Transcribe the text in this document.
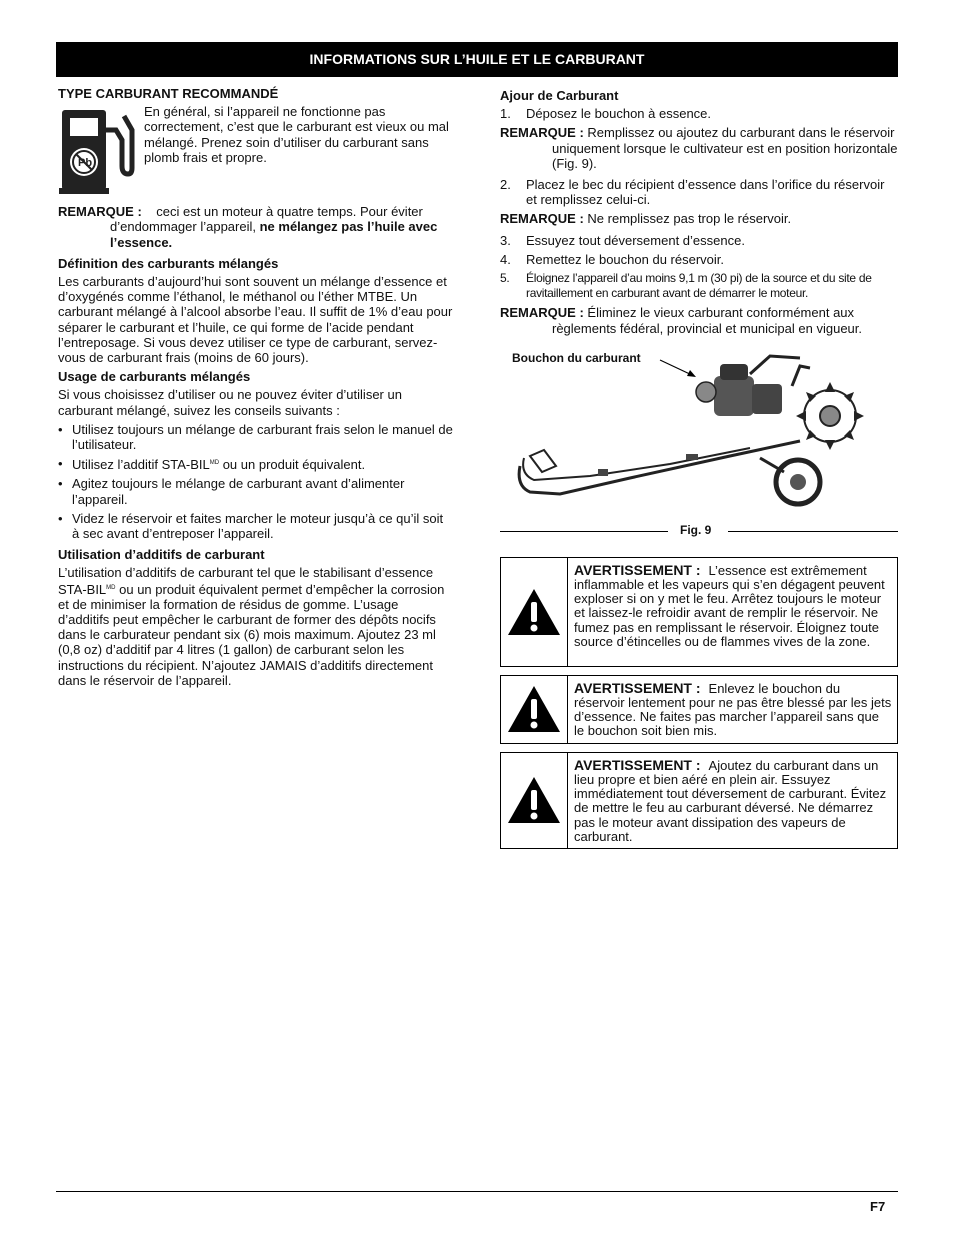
INFORMATIONS SUR L’HUILE ET LE CARBURANT
TYPE CARBURANT RECOMMANDÉ
Pb

En général, si l’appareil ne fonctionne pas correctement, c’est que le carburant est vieux ou mal mélangé. Prenez soin d’utiliser du carburant sans plomb frais et propre.

REMARQUE : ceci est un moteur à quatre temps. Pour éviter d’endommager l’appareil, ne mélangez pas l’huile avec l’essence.
Définition des carburants mélangés

Les carburants d’aujourd’hui sont souvent un mélange d’essence et d’oxygénés comme l’éthanol, le méthanol ou l’éther MTBE. Un carburant mélangé à l’alcool absorbe l’eau. Il suffit de 1% d’eau pour séparer le carburant et l’huile, ce qui forme de l’acide pendant l’entreposage. Si vous devez utiliser ce type de carburant, servez-vous de carburant frais (moins de 60 jours).

Usage de carburants mélangés

Si vous choisissez d’utiliser ou ne pouvez éviter d’utiliser un carburant mélangé, suivez les conseils suivants :

• Utilisez toujours un mélange de carburant frais selon le manuel de l’utilisateur.
• Utilisez l’additif STA-$BIL^{MD}$ ou un produit équivalent.
• Agitez toujours le mélange de carburant avant d’alimenter l’appareil.
• Videz le réservoir et faites marcher le moteur jusqu’à ce qu’il soit à sec avant d’entreposer l’appareil.
Utilisation d’additifs de carburant

L’utilisation d’additifs de carburant tel que le stabilisant d’essence STA-$BIL^{MD}$ ou un produit équivalent permet d’empêcher la corrosion et de minimiser la formation de résidus de gomme. L’usage d’additifs peut empêcher le carburant de former des dépôts nocifs dans le carburateur pendant six (6) mois maximum. Ajoutez 23 ml (0,8 oz) d’additif par 4 litres (1 gallon) de carburant selon les instructions du récipient. N’ajoutez JAMAIS d’additifs directement dans le réservoir de l’appareil.

Ajour de Carburant
1. Déposez le bouchon à essence.
REMARQUE : Remplissez ou ajoutez du carburant dans le réservoir uniquement lorsque le cultivateur est en position horizontale (Fig. 9).
2. Placez le bec du récipient d’essence dans l’orifice du réservoir et remplissez celui-ci.
REMARQUE : Ne remplissez pas trop le réservoir.
3. Essuyez tout déversement d’essence.
4. Remettez le bouchon du réservoir.
5. Éloignez l’appareil d’au moins 9,1 m (30 pi) de la source et du site de ravitaillement en carburant avant de démarrer le moteur.
REMARQUE : Éliminez le vieux carburant conformément aux règlements fédéral, provincial et municipal en vigueur.
Bouchon du carburant
Fig. 9
AVERTISSEMENT : L’essence est extrêmement inflammable et les vapeurs qui s’en dégagent peuvent exploser si on y met le feu. Arrêtez toujours le moteur et laissez-le refroidir avant de remplir le réservoir. Ne fumez pas en remplissant le réservoir. Éloignez toute source d’étincelles ou de flammes vives de la zone.
AVERTISSEMENT : Enlevez le bouchon du réservoir lentement pour ne pas être blessé par les jets d’essence. Ne faites pas marcher l’appareil sans que le bouchon soit bien mis.
AVERTISSEMENT : Ajoutez du carburant dans un lieu propre et bien aéré en plein air. Essuyez immédiatement tout déversement de carburant. Évitez de mettre le feu au carburant déversé. Ne démarrez pas le moteur avant dissipation des vapeurs de carburant.
F7
